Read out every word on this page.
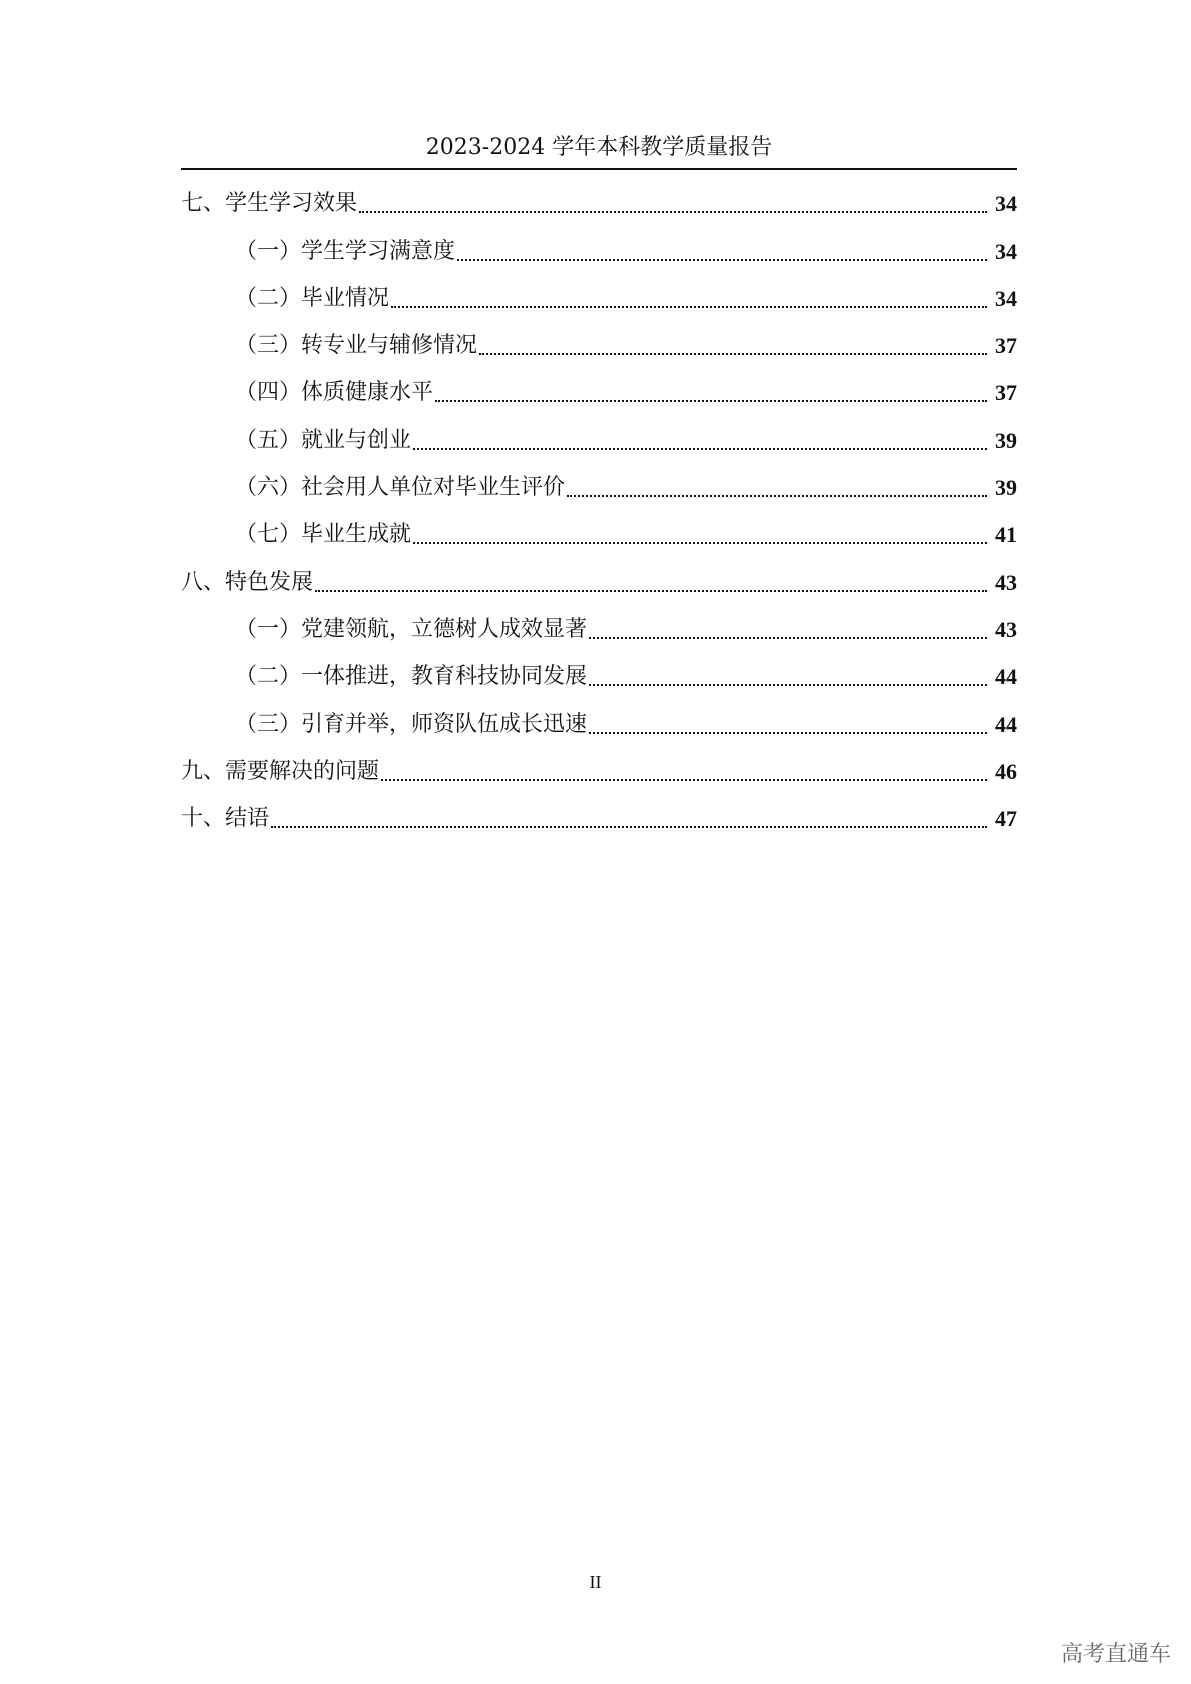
2023-2024 学年本科教学质量报告
七、学生学习效果	34
（一）学生学习满意度	34
（二）毕业情况	34
（三）转专业与辅修情况	37
（四）体质健康水平	37
（五）就业与创业	39
（六）社会用人单位对毕业生评价	39
（七）毕业生成就	41
八、特色发展	43
（一）党建领航，立德树人成效显著	43
（二）一体推进，教育科技协同发展	44
（三）引育并举，师资队伍成长迅速	44
九、需要解决的问题	46
十、结语	47
II
高考直通车
